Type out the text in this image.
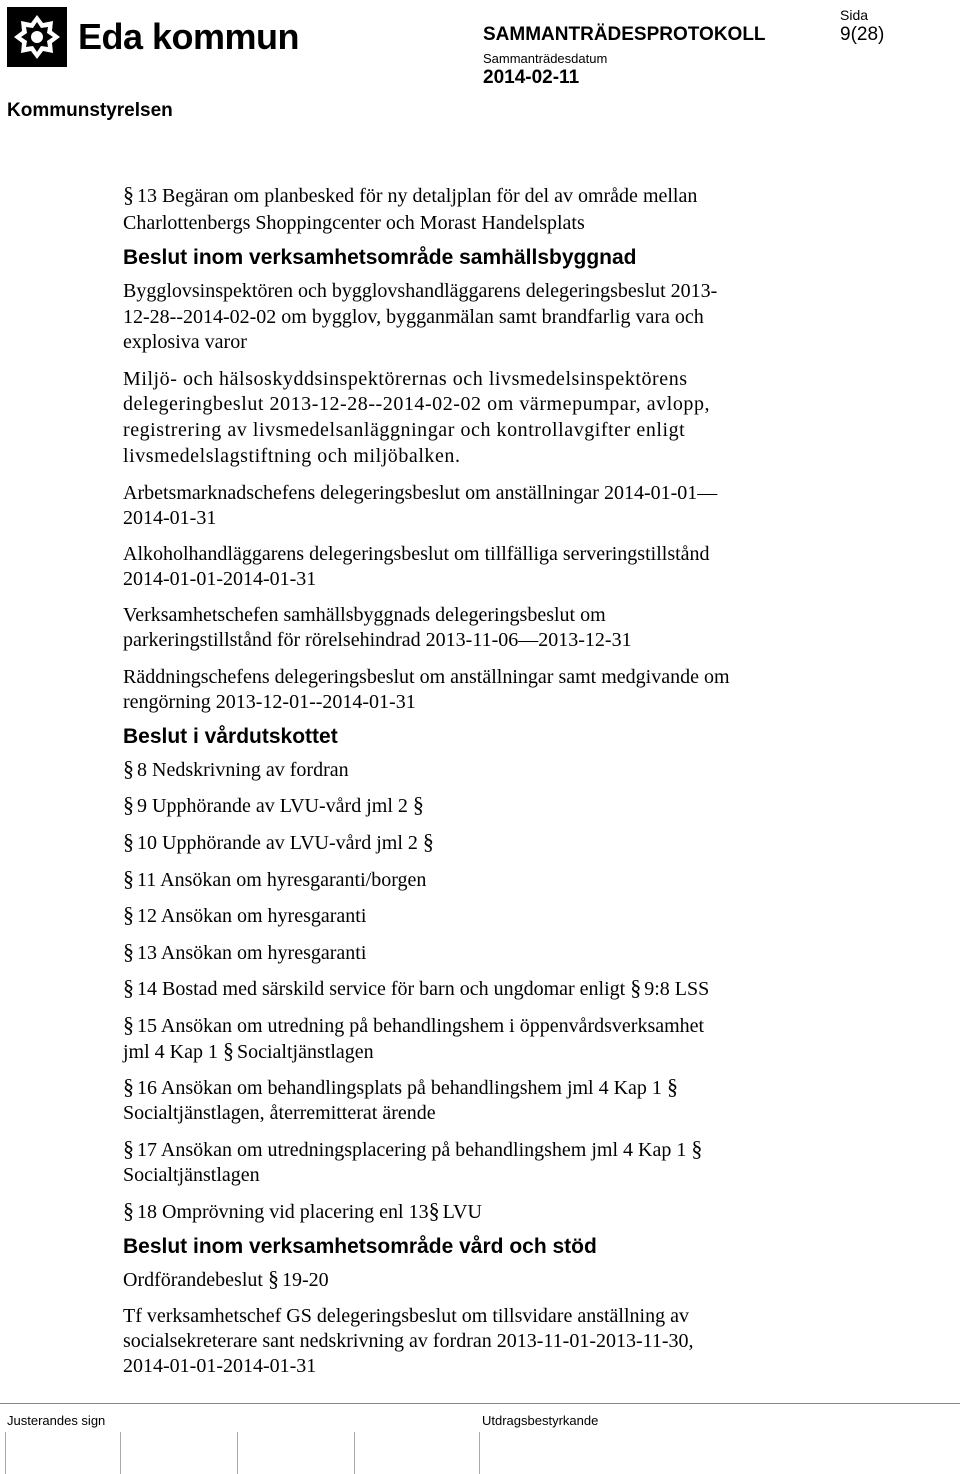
Eda kommun	SAMMANTRÄDESPROTOKOLL
Sammanträdesdatum
2014-02-11
Sida
9(28)
Kommunstyrelsen
§ 13 Begäran om planbesked för ny detaljplan för del av område mellan
Charlottenbergs Shoppingcenter och Morast Handelsplats
Beslut inom verksamhetsområde samhällsbyggnad
Bygglovsinspektören och bygglovshandläggarens delegeringsbeslut 2013-
12-28--2014-02-02 om bygglov, bygganmälan samt brandfarlig vara och
explosiva varor
Miljö- och hälsoskyddsinspektörernas och livsmedelsinspektörens
delegeringbeslut 2013-12-28--2014-02-02 om värmepumpar, avlopp,
registrering av livsmedelsanläggningar och kontrollavgifter enligt
livsmedelslagstiftning och miljöbalken.
Arbetsmarknadschefens delegeringsbeslut om anställningar 2014-01-01—
2014-01-31
Alkoholhandläggarens delegeringsbeslut om tillfälliga serveringstillstånd
2014-01-01-2014-01-31
Verksamhetschefen samhällsbyggnads delegeringsbeslut om
parkeringstillstånd för rörelsehindrad 2013-11-06—2013-12-31
Räddningschefens delegeringsbeslut om anställningar samt medgivande om
rengörning 2013-12-01--2014-01-31
Beslut i vårdutskottet
§ 8 Nedskrivning av fordran
§ 9 Upphörande av LVU-vård jml 2 §
§ 10 Upphörande av LVU-vård jml 2 §
§ 11 Ansökan om hyresgaranti/borgen
§ 12 Ansökan om hyresgaranti
§ 13 Ansökan om hyresgaranti
§ 14 Bostad med särskild service för barn och ungdomar enligt § 9:8 LSS
§ 15 Ansökan om utredning på behandlingshem i öppenvårdsverksamhet
jml 4 Kap 1 § Socialtjänstlagen
§ 16 Ansökan om behandlingsplats på behandlingshem jml 4 Kap 1 §
Socialtjänstlagen, återremitterat ärende
§ 17 Ansökan om utredningsplacering på behandlingshem jml 4 Kap 1 §
Socialtjänstlagen
§ 18 Omprövning vid placering enl 13§ LVU
Beslut inom verksamhetsområde vård och stöd
Ordförandebeslut § 19-20
Tf verksamhetschef GS delegeringsbeslut om tillsvidare anställning av
socialsekreterare sant nedskrivning av fordran 2013-11-01-2013-11-30,
2014-01-01-2014-01-31
Justerandes sign	Utdragsbestyrkande
